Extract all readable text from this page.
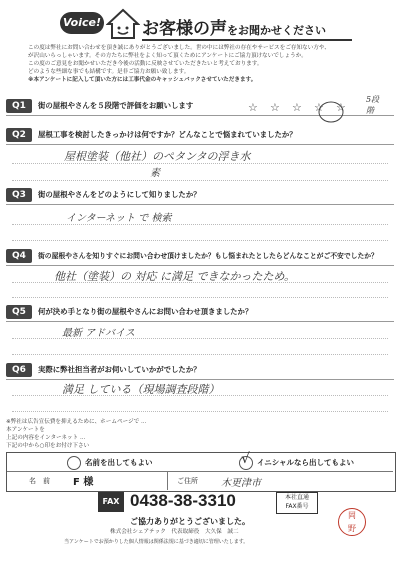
Voice! お客様の声をお聞かせください
この度は弊社にお問い合わせを頂き誠にありがとうございました。世の中には弊社の存在やサービスをご存知ない方や、
が沢山いらっしゃいます。その方たちに弊社をよく知って頂くためにアンケートにご協力頂けないでしょうか。
この度のご意見をお聞かせいただき今後の活動に反映させていただきたいと考えております。
どのような些細な事でも結構です。是非ご協力お願い致します。
※本アンケートに記入して頂いた方には工事代金のキャッシュバックさせていただきます。
Q1	街の屋根やさんを５段階で評価をお願いします	☆ ☆ ☆ ☆ ☆
5段
階
Q2	屋根工事を検討したきっかけは何ですか？どんなことで悩まれていましたか？
屋根塗装（他社）のペタンタの浮き水
素
Q3	街の屋根やさんをどのようにして知りましたか？
インターネット で 検索
Q4	街の屋根やさんを知りすぐにお問い合わせ頂けましたか？もし悩まれたとしたらどんなことがご不安でしたか？
他社（塗装）の 対応 に満足 できなかったため。
Q5	何が決め手となり街の屋根やさんにお問い合わせ頂きましたか？
最新 アドバイス
Q6	実際に弊社担当者がお伺いしていかがでしたか？
満足 している（現場調査段階）
※弊社は広告宣伝費を抑えるために、ホームページで ...
本アンケートを
上記の内容をインターネット ...
下記の中から○印をお付け下さい
名前を出してもよい	√ イニシャルなら出してもよい
名　前 F 様	ご住所 木更津市
FAX 0438-38-3310	本社直通
FAX番号
ご協力ありがとうございました。
株式会社シェアテック　代表取締役　大久保　誠二
当アンケートでお預かりした個人情報は関係法規に基づき適切に管理いたします。
岡野
